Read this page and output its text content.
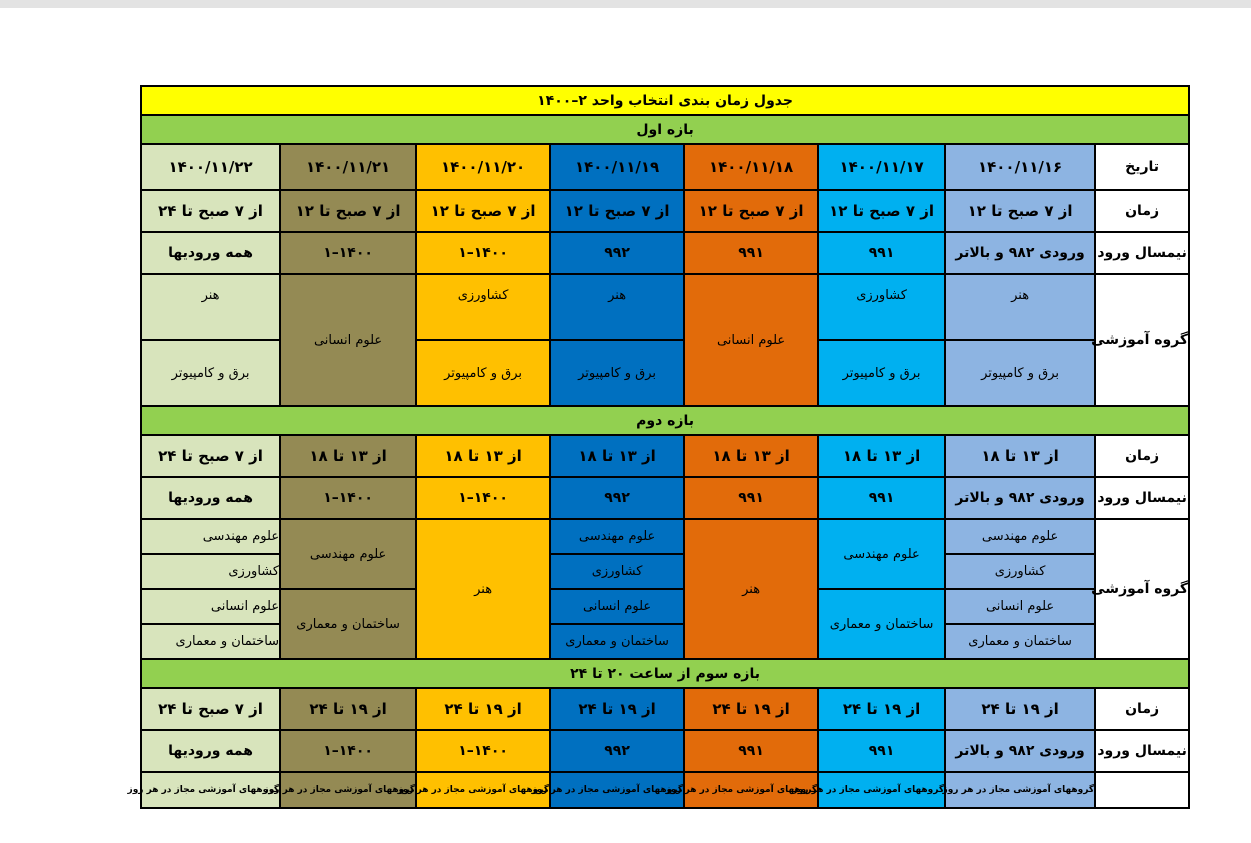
جدول زمان بندی انتخاب واحد ۲–۱۴۰۰							
بازه اول							
تاریخ	۱۴۰۰/۱۱/۱۶	۱۴۰۰/۱۱/۱۷	۱۴۰۰/۱۱/۱۸	۱۴۰۰/۱۱/۱۹	۱۴۰۰/۱۱/۲۰	۱۴۰۰/۱۱/۲۱	۱۴۰۰/۱۱/۲۲
زمان	از ۷ صبح تا ۱۲	از ۷ صبح تا ۱۲	از ۷ صبح تا ۱۲	از ۷ صبح تا ۱۲	از ۷ صبح تا ۱۲	از ۷ صبح تا ۱۲	از ۷ صبح تا ۲۴
نیمسال ورود	ورودی ۹۸۲ و بالاتر	۹۹۱	۹۹۱	۹۹۲	۱۴۰۰–۱	۱۴۰۰–۱	همه ورودیها
گروه آموزشی	هنر	کشاورزی	علوم انسانی	هنر	کشاورزی	علوم انسانی	هنر
	برق و کامپیوتر	برق و کامپیوتر		برق و کامپیوتر	برق و کامپیوتر		برق و کامپیوتر
بازه دوم							
زمان	از ۱۳ تا ۱۸	از ۱۳ تا ۱۸	از ۱۳ تا ۱۸	از ۱۳ تا ۱۸	از ۱۳ تا ۱۸	از ۱۳ تا ۱۸	از ۷ صبح تا ۲۴
نیمسال ورود	ورودی ۹۸۲ و بالاتر	۹۹۱	۹۹۱	۹۹۲	۱۴۰۰–۱	۱۴۰۰–۱	همه ورودیها
گروه آموزشی	علوم مهندسی	علوم مهندسی	هنر	علوم مهندسی	هنر	علوم مهندسی	علوم مهندسی
	کشاورزی			کشاورزی			کشاورزی
	علوم انسانی	ساختمان و معماری		علوم انسانی		ساختمان و معماری	علوم انسانی
	ساختمان و معماری			ساختمان و معماری			ساختمان و معماری
بازه سوم از ساعت ۲۰ تا ۲۴							
زمان	از ۱۹ تا ۲۴	از ۱۹ تا ۲۴	از ۱۹ تا ۲۴	از ۱۹ تا ۲۴	از ۱۹ تا ۲۴	از ۱۹ تا ۲۴	از ۷ صبح تا ۲۴
نیمسال ورود	ورودی ۹۸۲ و بالاتر	۹۹۱	۹۹۱	۹۹۲	۱۴۰۰–۱	۱۴۰۰–۱	همه ورودیها
	گروههای آموزشی مجاز در هر روز	گروههای آموزشی مجاز در هر روز	گروههای آموزشی مجاز در هر روز	گروههای آموزشی مجاز در هر روز	گروههای آموزشی مجاز در هر روز	گروههای آموزشی مجاز در هر روز	گروههای آموزشی مجاز در هر روز
